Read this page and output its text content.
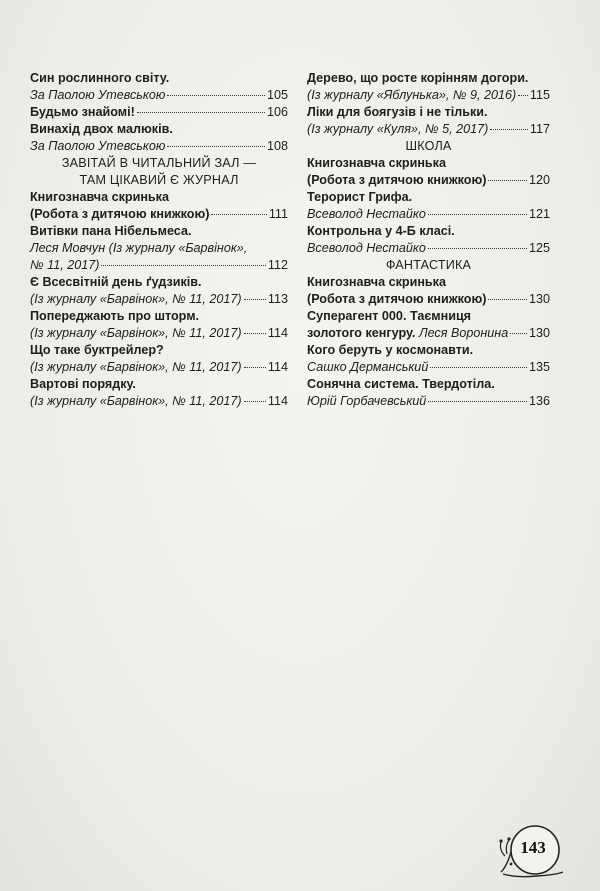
Син рослинного світу.
За Паолою Утевською	105
Будьмо знайомі!	106
Винахід двох малюків.
За Паолою Утевською	108
ЗАВІТАЙ В ЧИТАЛЬНИЙ ЗАЛ —
ТАМ ЦІКАВИЙ Є ЖУРНАЛ
Книгознавча скринька
(Робота з дитячою книжкою)	111
Витівки пана Нібельмеса.
Леся Мовчун (Із журналу «Барвінок»,
№ 11, 2017)	112
Є Всесвітній день ґудзиків.
(Із журналу «Барвінок», № 11, 2017) 113
Попереджають про шторм.
(Із журналу «Барвінок», № 11, 2017) 114
Що таке буктрейлер?
(Із журналу «Барвінок», № 11, 2017) 114
Вартові порядку.
(Із журналу «Барвінок», № 11, 2017) 114
Дерево, що росте корінням догори.
(Із журналу «Яблунька», № 9, 2016) 115
Ліки для боягузів і не тільки.
(Із журналу «Куля», № 5, 2017)	117
ШКОЛА
Книгознавча скринька
(Робота з дитячою книжкою)	120
Терорист Грифа.
Всеволод Нестайко	121
Контрольна у 4-Б класі.
Всеволод Нестайко	125
ФАНТАСТИКА
Книгознавча скринька
(Робота з дитячою книжкою)	130
Суперагент 000. Таємниця
золотого кенгуру.
Леся Воронина 130
Кого беруть у космонавти.
Сашко Дерманський	135
Сонячна система. Твердотіла.
Юрій Горбачевський	136
143
